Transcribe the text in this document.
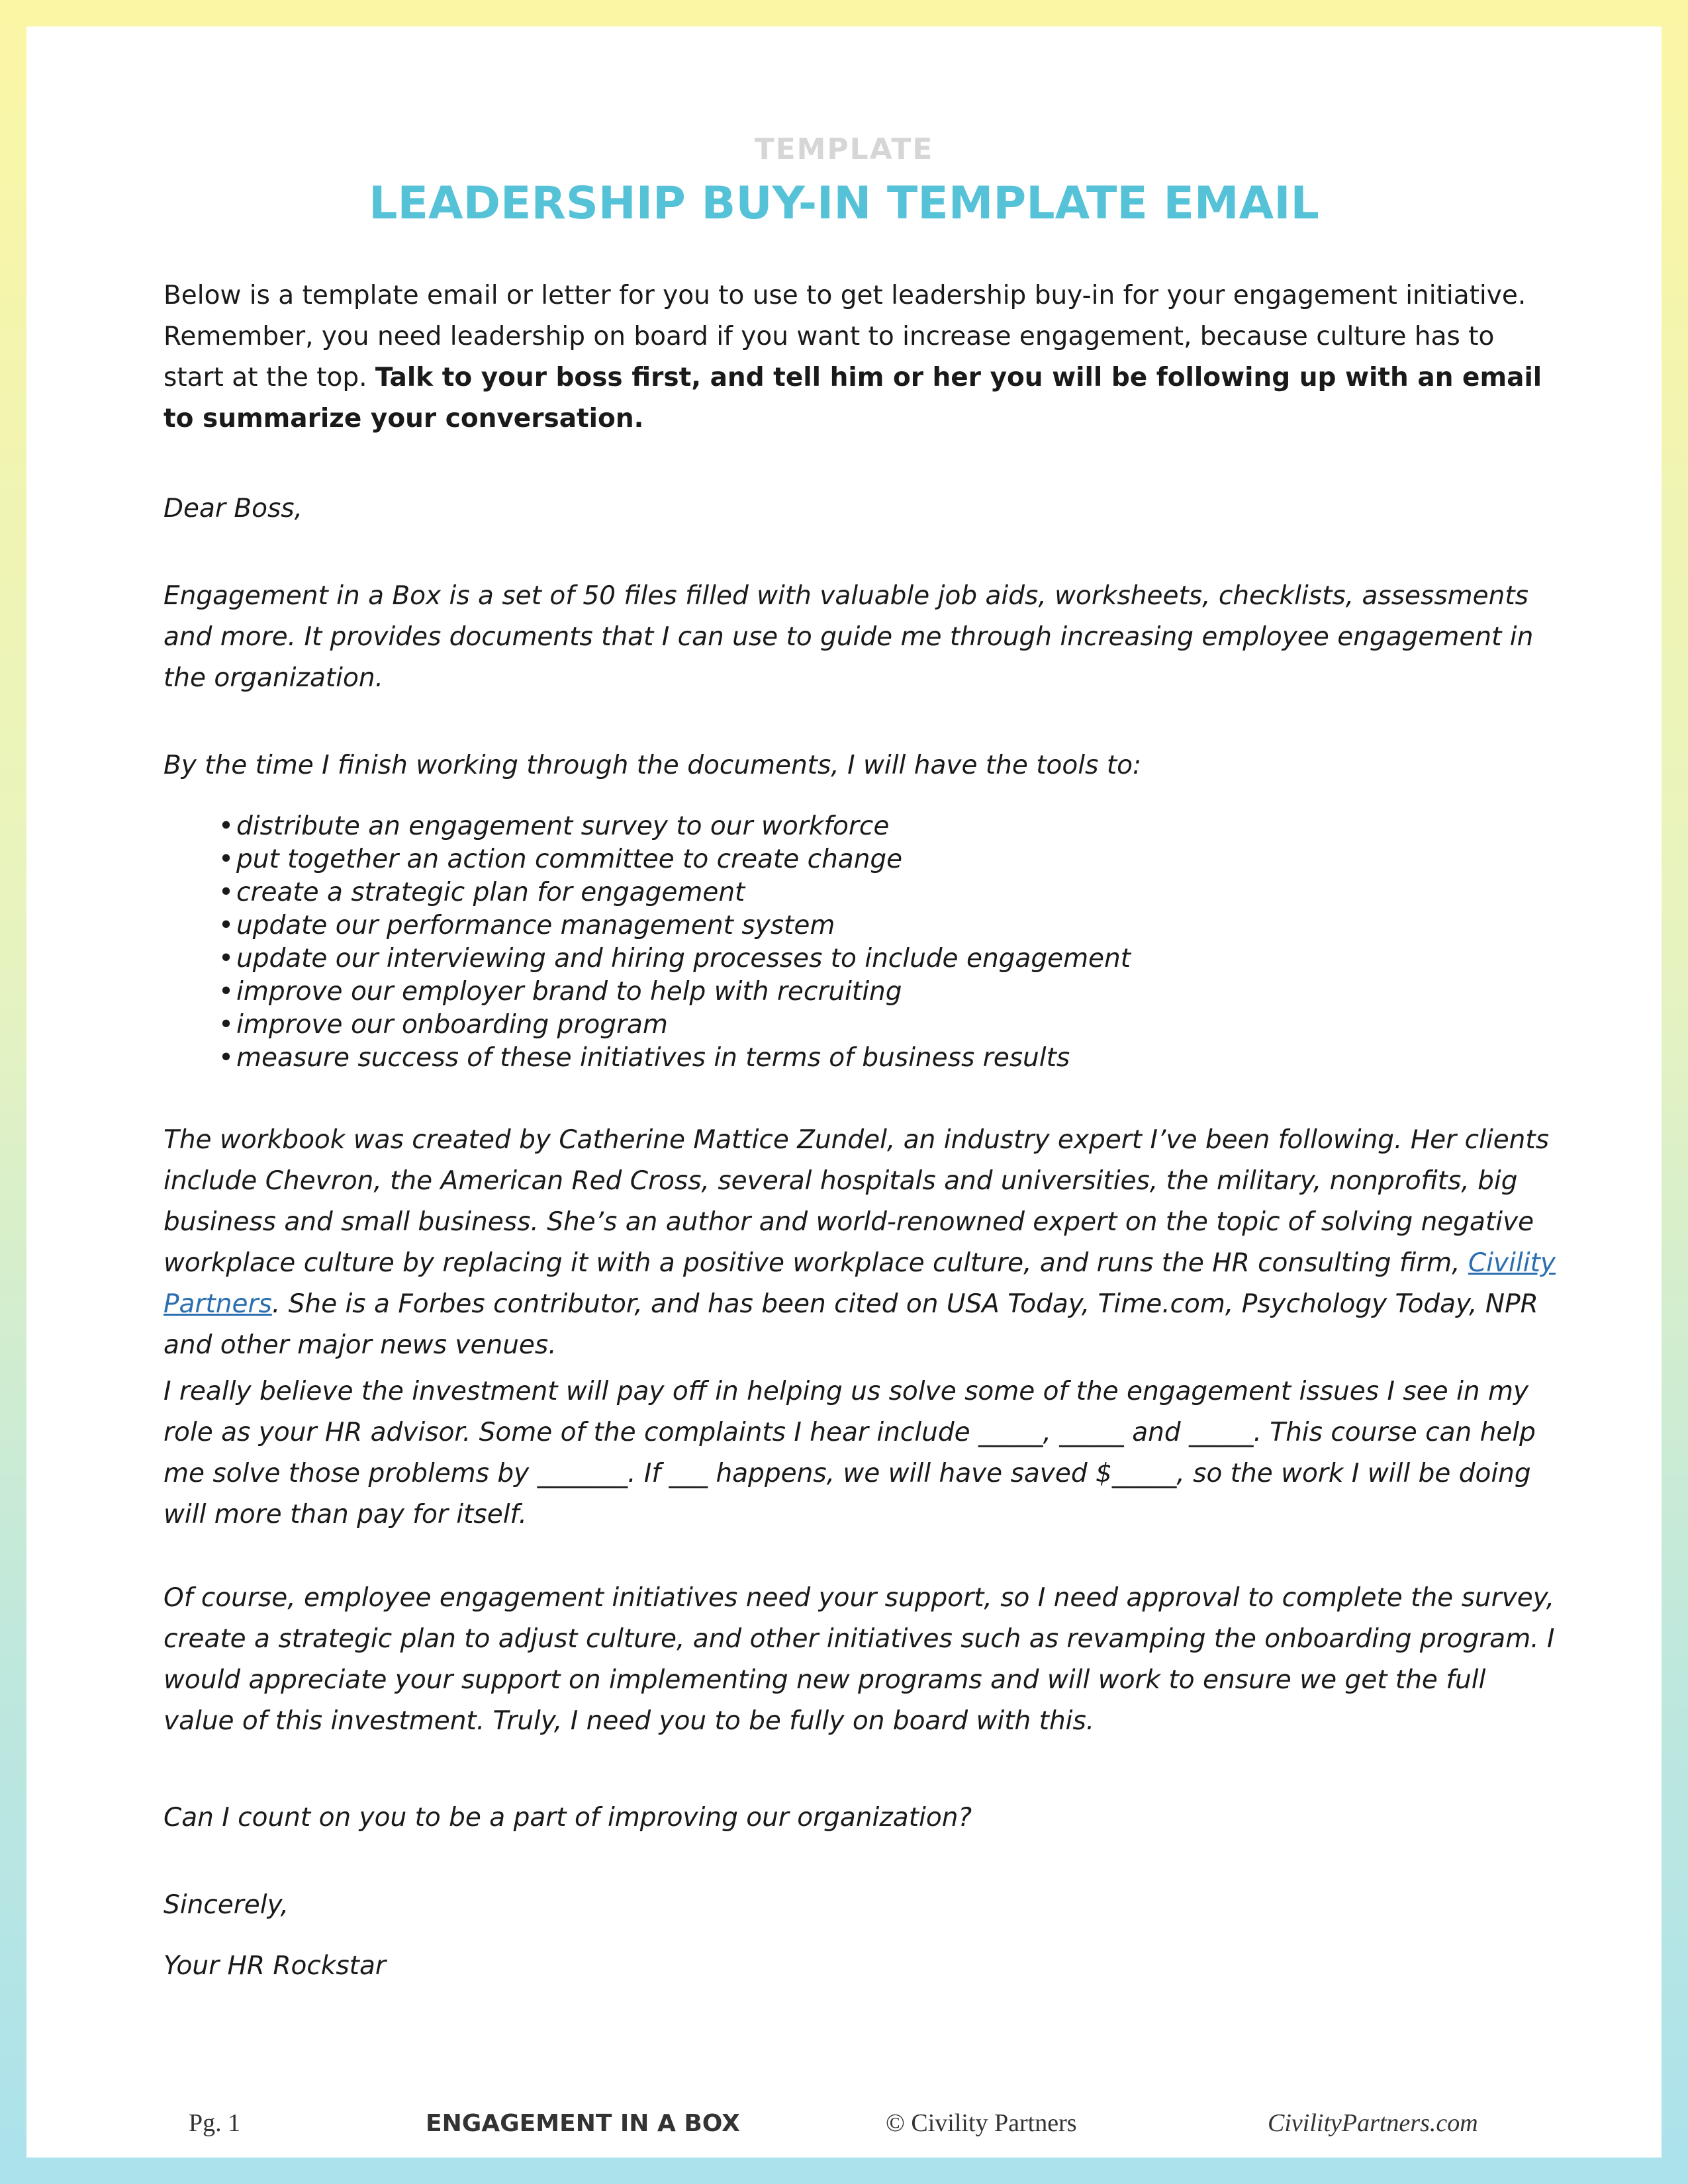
TEMPLATE
LEADERSHIP BUY-IN TEMPLATE EMAIL
Below is a template email or letter for you to use to get leadership buy-in for your engagement initiative. Remember, you need leadership on board if you want to increase engagement, because culture has to start at the top. Talk to your boss first, and tell him or her you will be following up with an email to summarize your conversation.
Dear Boss,
Engagement in a Box is a set of 50 files filled with valuable job aids, worksheets, checklists, assessments and more. It provides documents that I can use to guide me through increasing employee engagement in the organization.
By the time I finish working through the documents, I will have the tools to:
• distribute an engagement survey to our workforce
• put together an action committee to create change
• create a strategic plan for engagement
• update our performance management system
• update our interviewing and hiring processes to include engagement
• improve our employer brand to help with recruiting
• improve our onboarding program
• measure success of these initiatives in terms of business results
The workbook was created by Catherine Mattice Zundel, an industry expert I’ve been following. Her clients include Chevron, the American Red Cross, several hospitals and universities, the military, nonprofits, big business and small business. She’s an author and world-renowned expert on the topic of solving negative workplace culture by replacing it with a positive workplace culture, and runs the HR consulting firm, Civility Partners. She is a Forbes contributor, and has been cited on USA Today, Time.com, Psychology Today, NPR and other major news venues.
I really believe the investment will pay off in helping us solve some of the engagement issues I see in my role as your HR advisor. Some of the complaints I hear include _____, _____ and _____. This course can help me solve those problems by _______. If ___ happens, we will have saved $_____, so the work I will be doing will more than pay for itself.
Of course, employee engagement initiatives need your support, so I need approval to complete the survey, create a strategic plan to adjust culture, and other initiatives such as revamping the onboarding program. I would appreciate your support on implementing new programs and will work to ensure we get the full value of this investment. Truly, I need you to be fully on board with this.
Can I count on you to be a part of improving our organization?
Sincerely,
Your HR Rockstar
Pg. 1	ENGAGEMENT IN A BOX	© Civility Partners	CivilityPartners.com
